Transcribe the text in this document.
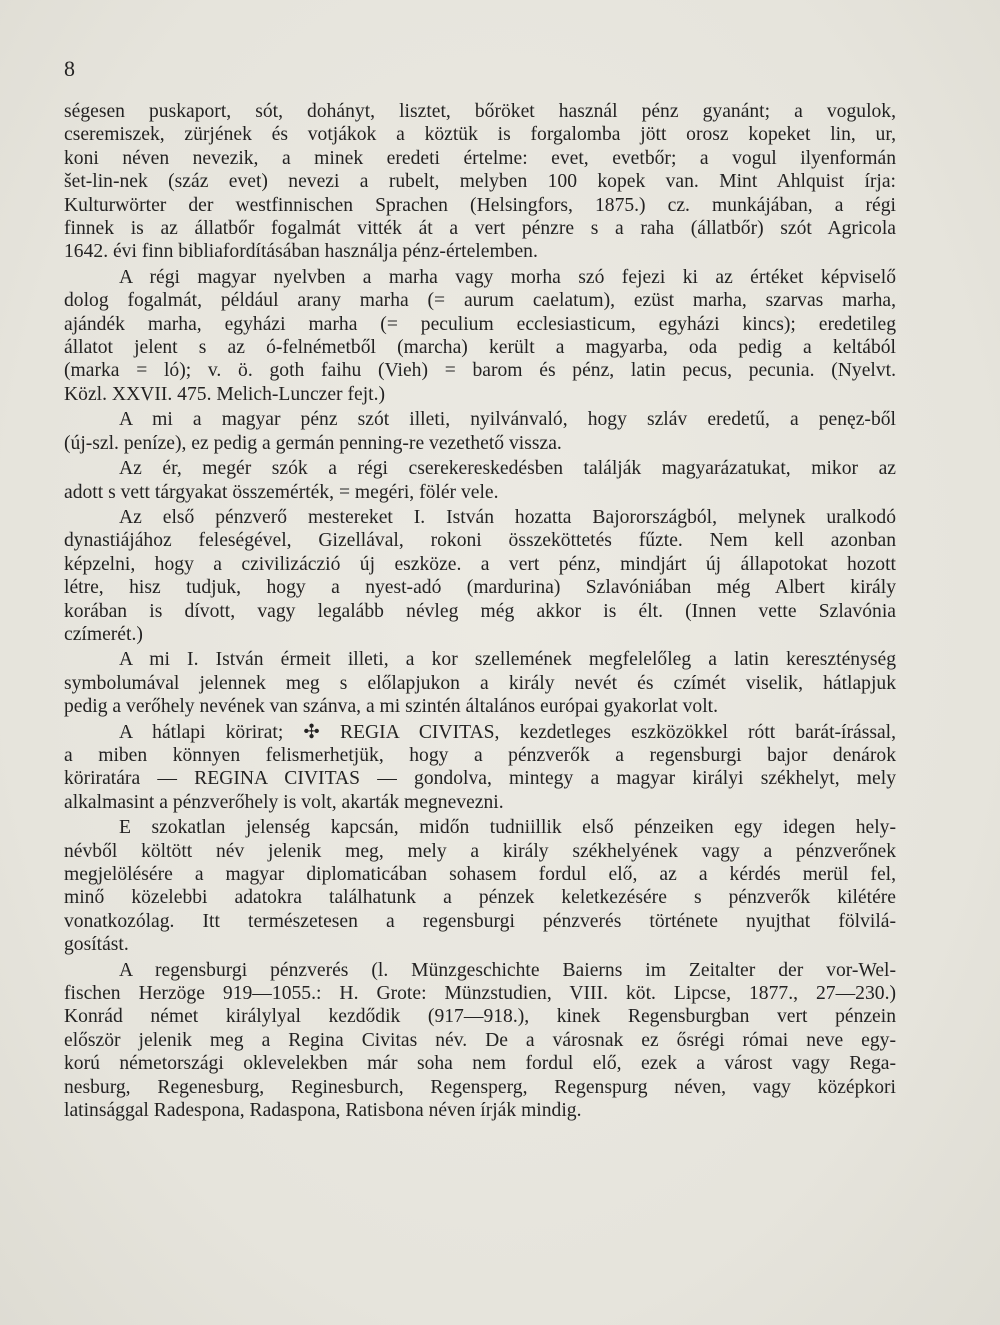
8

ségesen puskaport, sót, dohányt, lisztet, bőröket használ pénz gyanánt; a vogulok,

cseremiszek, zürjének és votjákok a köztük is forgalomba jött orosz kopeket lin, ur,

koni néven nevezik, a minek eredeti értelme: evet, evetbőr; a vogul ilyenformán

šet-lin-nek (száz evet) nevezi a rubelt, melyben 100 kopek van. Mint Ahlquist írja:

Kulturwörter der westfinnischen Sprachen (Helsingfors, 1875.) cz. munkájában, a régi

finnek is az állatbőr fogalmát vitték át a vert pénzre s a raha (állatbőr) szót Agricola

1642. évi finn bibliafordításában használja pénz-értelemben.

A régi magyar nyelvben a marha vagy morha szó fejezi ki az értéket képviselő

dolog fogalmát, például arany marha (= aurum caelatum), ezüst marha, szarvas marha,

ajándék marha, egyházi marha (= peculium ecclesiasticum, egyházi kincs); eredetileg

állatot jelent s az ó-felnémetből (marcha) került a magyarba, oda pedig a keltából

(marka = ló); v. ö. goth faihu (Vieh) = barom és pénz, latin pecus, pecunia. (Nyelvt.

Közl. XXVII. 475. Melich-Lunczer fejt.)

A mi a magyar pénz szót illeti, nyilvánvaló, hogy szláv eredetű, a penęz-ből

(új-szl. peníze), ez pedig a germán penning-re vezethető vissza.

Az ér, megér szók a régi cserekereskedésben találják magyarázatukat, mikor az

adott s vett tárgyakat összemérték, = megéri, fölér vele.

Az első pénzverő mestereket I. István hozatta Bajorországból, melynek uralkodó

dynastiájához feleségével, Gizellával, rokoni összeköttetés fűzte. Nem kell azonban

képzelni, hogy a czivilizáczió új eszköze. a vert pénz, mindjárt új állapotokat hozott

létre, hisz tudjuk, hogy a nyest-adó (mardurina) Szlavóniában még Albert király

korában is dívott, vagy legalább névleg még akkor is élt. (Innen vette Szlavónia

czímerét.)

A mi I. István érmeit illeti, a kor szellemének megfelelőleg a latin kereszténység

symbolumával jelennek meg s előlapjukon a király nevét és czímét viselik, hátlapjuk

pedig a verőhely nevének van szánva, a mi szintén általános európai gyakorlat volt.

A hátlapi körirat; ✣ REGIA CIVITAS, kezdetleges eszközökkel rótt barát-írással,

a miben könnyen felismerhetjük, hogy a pénzverők a regensburgi bajor denárok

köriratára — REGINA CIVITAS — gondolva, mintegy a magyar királyi székhelyt, mely

alkalmasint a pénzverőhely is volt, akarták megnevezni.

E szokatlan jelenség kapcsán, midőn tudniillik első pénzeiken egy idegen hely-

névből költött név jelenik meg, mely a király székhelyének vagy a pénzverőnek

megjelölésére a magyar diplomaticában sohasem fordul elő, az a kérdés merül fel,

minő közelebbi adatokra találhatunk a pénzek keletkezésére s pénzverők kilétére

vonatkozólag. Itt természetesen a regensburgi pénzverés története nyujthat fölvilá-

gosítást.

A regensburgi pénzverés (l. Münzgeschichte Baierns im Zeitalter der vor-Wel-

fischen Herzöge 919—1055.: H. Grote: Münzstudien, VIII. köt. Lipcse, 1877., 27—230.)

Konrád német királylyal kezdődik (917—918.), kinek Regensburgban vert pénzein

először jelenik meg a Regina Civitas név. De a városnak ez ősrégi római neve egy-

korú németországi oklevelekben már soha nem fordul elő, ezek a várost vagy Rega-

nesburg, Regenesburg, Reginesburch, Regensperg, Regenspurg néven, vagy középkori

latinsággal Radespona, Radaspona, Ratisbona néven írják mindig.
